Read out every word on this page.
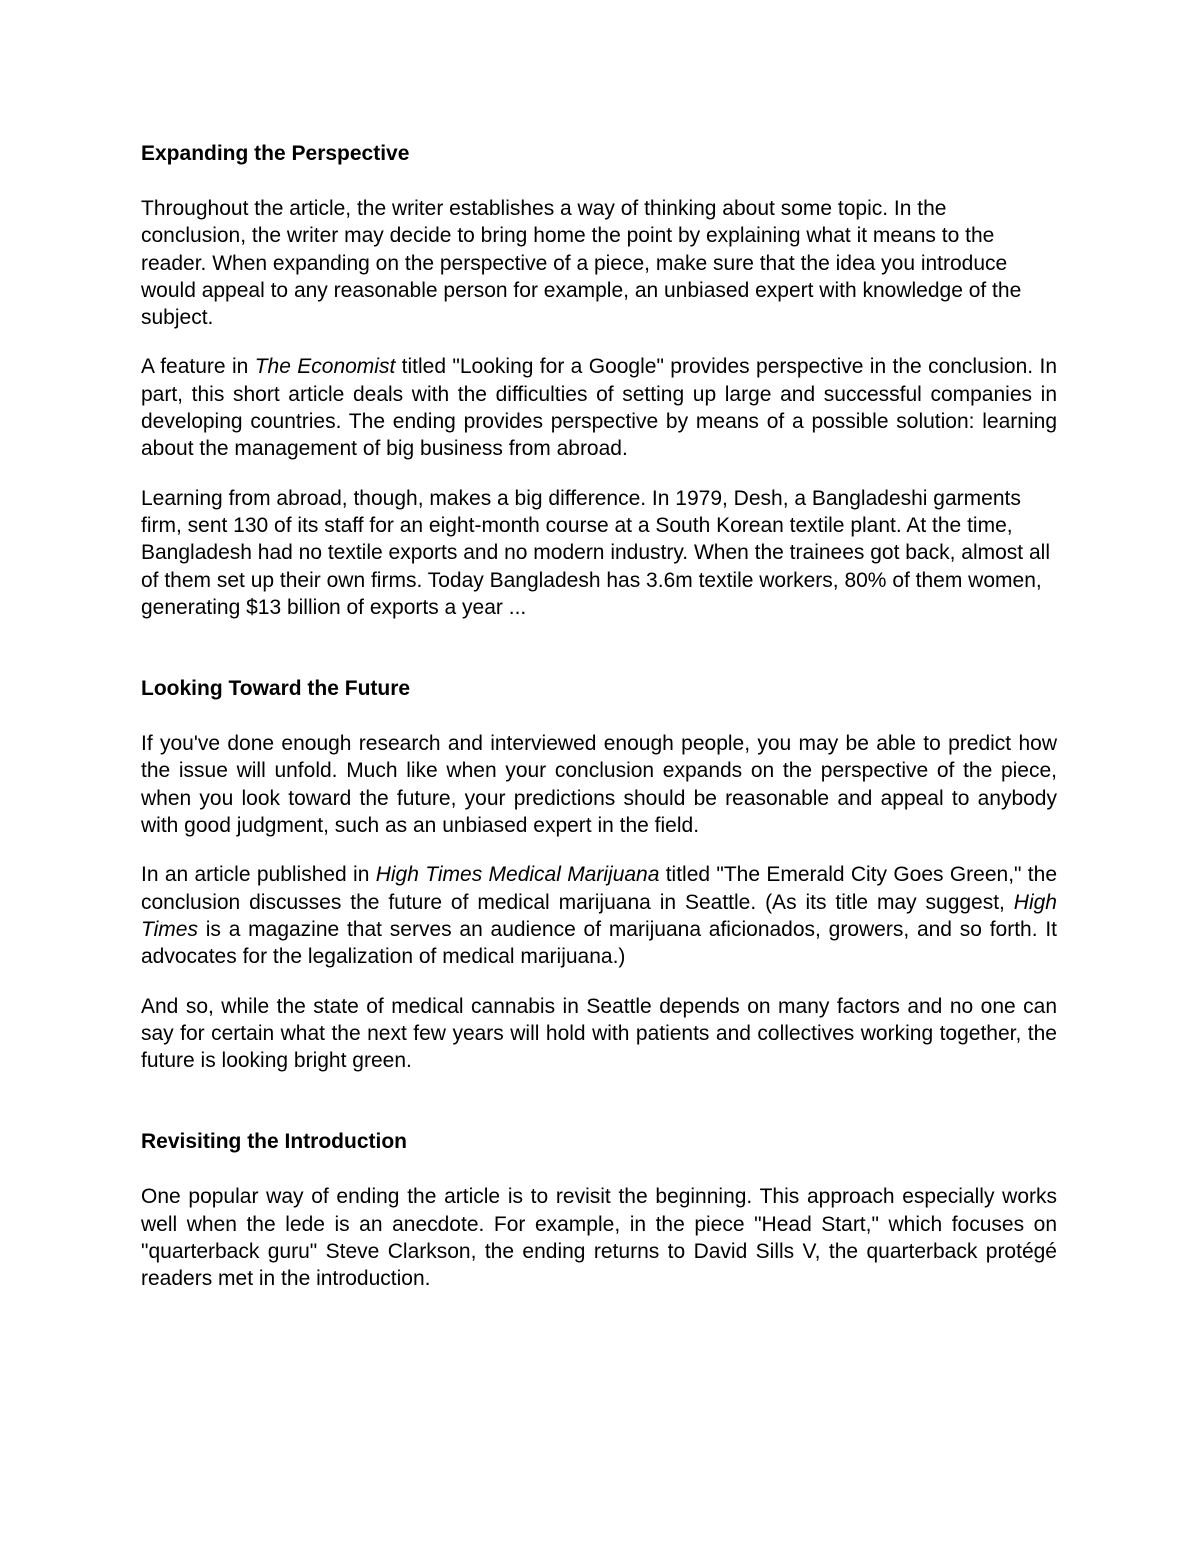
Expanding the Perspective
Throughout the article, the writer establishes a way of thinking about some topic. In the conclusion, the writer may decide to bring home the point by explaining what it means to the reader. When expanding on the perspective of a piece, make sure that the idea you introduce would appeal to any reasonable person for example, an unbiased expert with knowledge of the subject.
A feature in The Economist titled "Looking for a Google" provides perspective in the conclusion. In part, this short article deals with the difficulties of setting up large and successful companies in developing countries. The ending provides perspective by means of a possible solution: learning about the management of big business from abroad.
Learning from abroad, though, makes a big difference. In 1979, Desh, a Bangladeshi garments firm, sent 130 of its staff for an eight-month course at a South Korean textile plant. At the time, Bangladesh had no textile exports and no modern industry. When the trainees got back, almost all of them set up their own firms. Today Bangladesh has 3.6m textile workers, 80% of them women, generating $13 billion of exports a year ...
Looking Toward the Future
If you've done enough research and interviewed enough people, you may be able to predict how the issue will unfold. Much like when your conclusion expands on the perspective of the piece, when you look toward the future, your predictions should be reasonable and appeal to anybody with good judgment, such as an unbiased expert in the field.
In an article published in High Times Medical Marijuana titled "The Emerald City Goes Green," the conclusion discusses the future of medical marijuana in Seattle. (As its title may suggest, High Times is a magazine that serves an audience of marijuana aficionados, growers, and so forth. It advocates for the legalization of medical marijuana.)
And so, while the state of medical cannabis in Seattle depends on many factors and no one can say for certain what the next few years will hold with patients and collectives working together, the future is looking bright green.
Revisiting the Introduction
One popular way of ending the article is to revisit the beginning. This approach especially works well when the lede is an anecdote. For example, in the piece "Head Start," which focuses on "quarterback guru" Steve Clarkson, the ending returns to David Sills V, the quarterback protégé readers met in the introduction.
